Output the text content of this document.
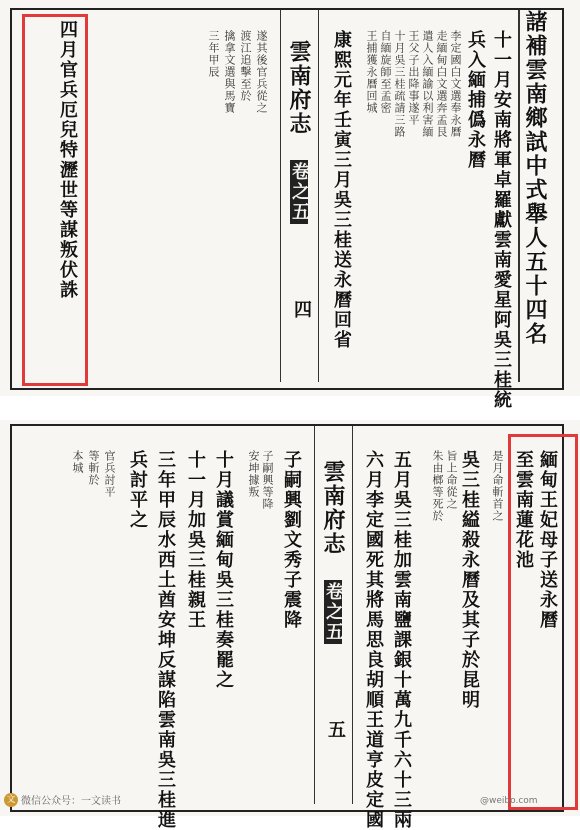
諸補雲南鄉試中式舉人五十四名
十一月安南將軍卓羅獻雲南愛星阿吳三桂統
兵入緬捕僞永曆
李定國白文選奉永曆
走緬甸白文選奔孟艮
遣人入緬諭以利害緬
王父子出降事遂平
十月吳三桂疏請三路
自緬旋師至孟密
王捕獲永曆回城
康熙元年壬寅三月吳三桂送永曆回省
雲南府志
卷之五
四
遂其後官兵從之
渡江追擊至於
擒拿文選與馬寶
三年甲辰
四月官兵厄兒特瀝世等謀叛伏誅
緬甸王妃母子送永曆
至雲南蓮花池
是月命斬首之
吳三桂縊殺永曆及其子於昆明
旨上命從之
朱由榔等死於
五月吳三桂加雲南鹽課銀十萬九千六十三兩
六月李定國死其將馬思良胡順王道亨皮定國
雲南府志
卷之五
五
子嗣興劉文秀子震降
子嗣興等降
安坤據叛
十月議賞緬甸吳三桂奏罷之
十一月加吳三桂親王
三年甲辰水西土酋安坤反謀陷雲南吳三桂進
兵討平之
官兵討平
等斬於
本城
文 微信公众号：一文读书	@weibo.com
